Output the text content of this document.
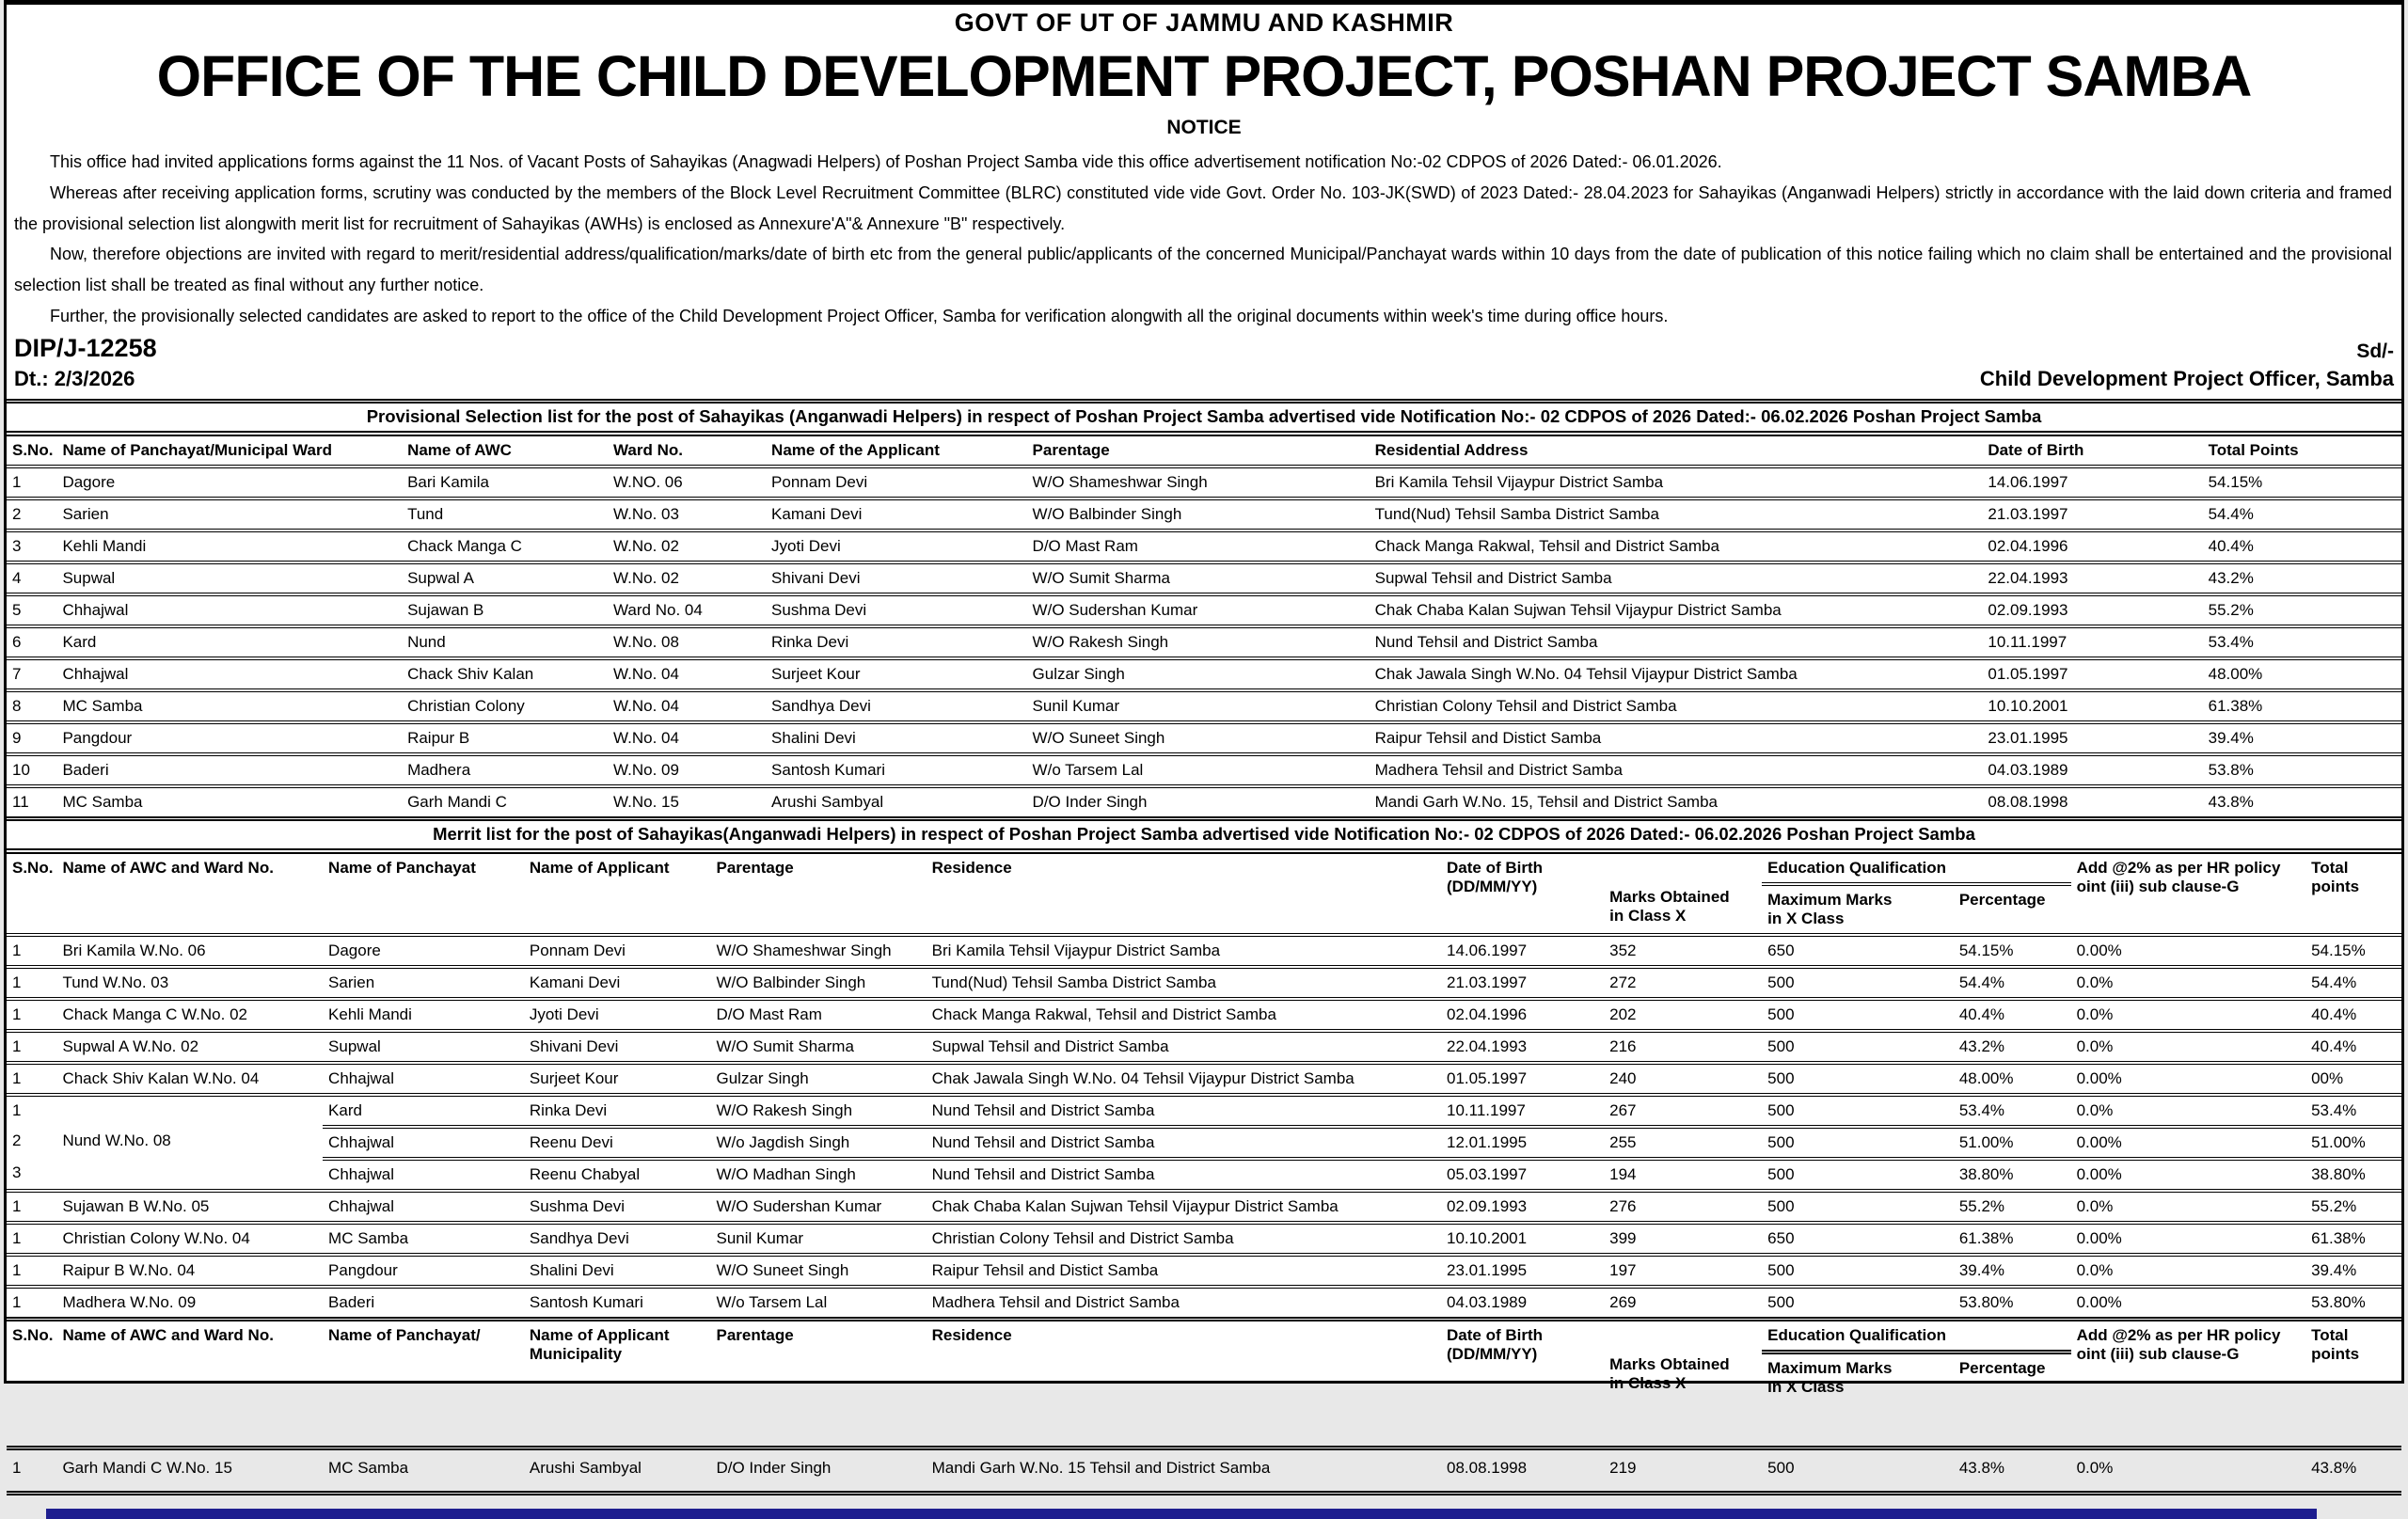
GOVT OF UT OF JAMMU AND KASHMIR
OFFICE OF THE CHILD DEVELOPMENT PROJECT, POSHAN PROJECT SAMBA
NOTICE

This office had invited applications forms against the 11 Nos. of Vacant Posts of Sahayikas (Anagwadi Helpers) of Poshan Project Samba vide this office advertisement notification No:-02 CDPOS of 2026 Dated:- 06.01.2026.

Whereas after receiving application forms, scrutiny was conducted by the members of the Block Level Recruitment Committee (BLRC) constituted vide vide Govt. Order No. 103-JK(SWD) of 2023 Dated:- 28.04.2023 for Sahayikas (Anganwadi Helpers) strictly in accordance with the laid down criteria and framed the provisional selection list alongwith merit list for recruitment of Sahayikas (AWHs) is enclosed as Annexure'A"& Annexure "B" respectively.

Now, therefore objections are invited with regard to merit/residential address/qualification/marks/date of birth etc from the general public/applicants of the concerned Municipal/Panchayat wards within 10 days from the date of publication of this notice failing which no claim shall be entertained and the provisional selection list shall be treated as final without any further notice.

Further, the provisionally selected candidates are asked to report to the office of the Child Development Project Officer, Samba for verification alongwith all the original documents within week's time during office hours.

DIP/J-12258	Sd/-
Dt.: 2/3/2026	Child Development Project Officer, Samba
Provisional Selection list for the post of Sahayikas (Anganwadi Helpers) in respect of Poshan Project Samba advertised vide Notification No:- 02 CDPOS of 2026 Dated:- 06.02.2026 Poshan Project Samba
S.No.	Name of Panchayat/Municipal Ward	Name of AWC	Ward No.	Name of the Applicant	Parentage	Residential Address	Date of Birth	Total Points
1	Dagore	Bari Kamila	W.NO. 06	Ponnam Devi	W/O Shameshwar Singh	Bri Kamila Tehsil Vijaypur District Samba	14.06.1997	54.15%
2	Sarien	Tund	W.No. 03	Kamani Devi	W/O Balbinder Singh	Tund(Nud) Tehsil Samba District Samba	21.03.1997	54.4%
3	Kehli Mandi	Chack Manga C	W.No. 02	Jyoti Devi	D/O Mast Ram	Chack Manga Rakwal, Tehsil and District Samba	02.04.1996	40.4%
4	Supwal	Supwal A	W.No. 02	Shivani Devi	W/O Sumit Sharma	Supwal Tehsil and District Samba	22.04.1993	43.2%
5	Chhajwal	Sujawan B	Ward No. 04	Sushma Devi	W/O Sudershan Kumar	Chak Chaba Kalan Sujwan Tehsil Vijaypur District Samba	02.09.1993	55.2%
6	Kard	Nund	W.No. 08	Rinka Devi	W/O Rakesh Singh	Nund Tehsil and District Samba	10.11.1997	53.4%
7	Chhajwal	Chack Shiv Kalan	W.No. 04	Surjeet Kour	Gulzar Singh	Chak Jawala Singh W.No. 04 Tehsil Vijaypur District Samba	01.05.1997	48.00%
8	MC Samba	Christian Colony	W.No. 04	Sandhya Devi	Sunil Kumar	Christian Colony Tehsil and District Samba	10.10.2001	61.38%
9	Pangdour	Raipur B	W.No. 04	Shalini Devi	W/O Suneet Singh	Raipur Tehsil and Distict Samba	23.01.1995	39.4%
10	Baderi	Madhera	W.No. 09	Santosh Kumari	W/o Tarsem Lal	Madhera Tehsil and District Samba	04.03.1989	53.8%
11	MC Samba	Garh Mandi C	W.No. 15	Arushi Sambyal	D/O Inder Singh	Mandi Garh W.No. 15, Tehsil and District Samba	08.08.1998	43.8%
Merrit list for the post of Sahayikas(Anganwadi Helpers) in respect of Poshan Project Samba advertised vide Notification No:- 02 CDPOS of 2026 Dated:- 06.02.2026 Poshan Project Samba
S.No.	Name of AWC and Ward No.	Name of Panchayat	Name of Applicant	Parentage	Residence	Date of Birth
(DD/MM/YY)	Marks Obtained
in Class X	Education Qualification		Add @2% as per HR policy
oint (iii) sub clause-G	Total
points
								Maximum Marks
in X Class	Percentage		
1	Bri Kamila W.No. 06	Dagore	Ponnam Devi	W/O Shameshwar Singh	Bri Kamila Tehsil Vijaypur District Samba	14.06.1997	352	650	54.15%	0.00%	54.15%
1	Tund W.No. 03	Sarien	Kamani Devi	W/O Balbinder Singh	Tund(Nud) Tehsil Samba District Samba	21.03.1997	272	500	54.4%	0.0%	54.4%
1	Chack Manga C W.No. 02	Kehli Mandi	Jyoti Devi	D/O Mast Ram	Chack Manga Rakwal, Tehsil and District Samba	02.04.1996	202	500	40.4%	0.0%	40.4%
1	Supwal A W.No. 02	Supwal	Shivani Devi	W/O Sumit Sharma	Supwal Tehsil and District Samba	22.04.1993	216	500	43.2%	0.0%	40.4%
1	Chack Shiv Kalan W.No. 04	Chhajwal	Surjeet Kour	Gulzar Singh	Chak Jawala Singh W.No. 04 Tehsil Vijaypur District Samba	01.05.1997	240	500	48.00%	0.00%	00%
1		Kard	Rinka Devi	W/O Rakesh Singh	Nund Tehsil and District Samba	10.11.1997	267	500	53.4%	0.0%	53.4%
2	Nund W.No. 08	Chhajwal	Reenu Devi	W/o Jagdish Singh	Nund Tehsil and District Samba	12.01.1995	255	500	51.00%	0.00%	51.00%
3		Chhajwal	Reenu Chabyal	W/O Madhan Singh	Nund Tehsil and District Samba	05.03.1997	194	500	38.80%	0.00%	38.80%
1	Sujawan B W.No. 05	Chhajwal	Sushma Devi	W/O Sudershan Kumar	Chak Chaba Kalan Sujwan Tehsil Vijaypur District Samba	02.09.1993	276	500	55.2%	0.0%	55.2%
1	Christian Colony W.No. 04	MC Samba	Sandhya Devi	Sunil Kumar	Christian Colony Tehsil and District Samba	10.10.2001	399	650	61.38%	0.00%	61.38%
1	Raipur B W.No. 04	Pangdour	Shalini Devi	W/O Suneet Singh	Raipur Tehsil and Distict Samba	23.01.1995	197	500	39.4%	0.0%	39.4%
1	Madhera W.No. 09	Baderi	Santosh Kumari	W/o Tarsem Lal	Madhera Tehsil and District Samba	04.03.1989	269	500	53.80%	0.00%	53.80%
S.No.	Name of AWC and Ward No.	Name of Panchayat/	Name of Applicant
Municipality	Parentage	Residence	Date of Birth
(DD/MM/YY)	Marks Obtained
in Class X	Education Qualification		Add @2% as per HR policy
oint (iii) sub clause-G	Total
points
								Maximum Marks
in X Class	Percentage		
1	Garh Mandi C W.No. 15	MC Samba	Arushi Sambyal	D/O Inder Singh	Mandi Garh W.No. 15 Tehsil and District Samba	08.08.1998	219	500	43.8%	0.0%	43.8%
